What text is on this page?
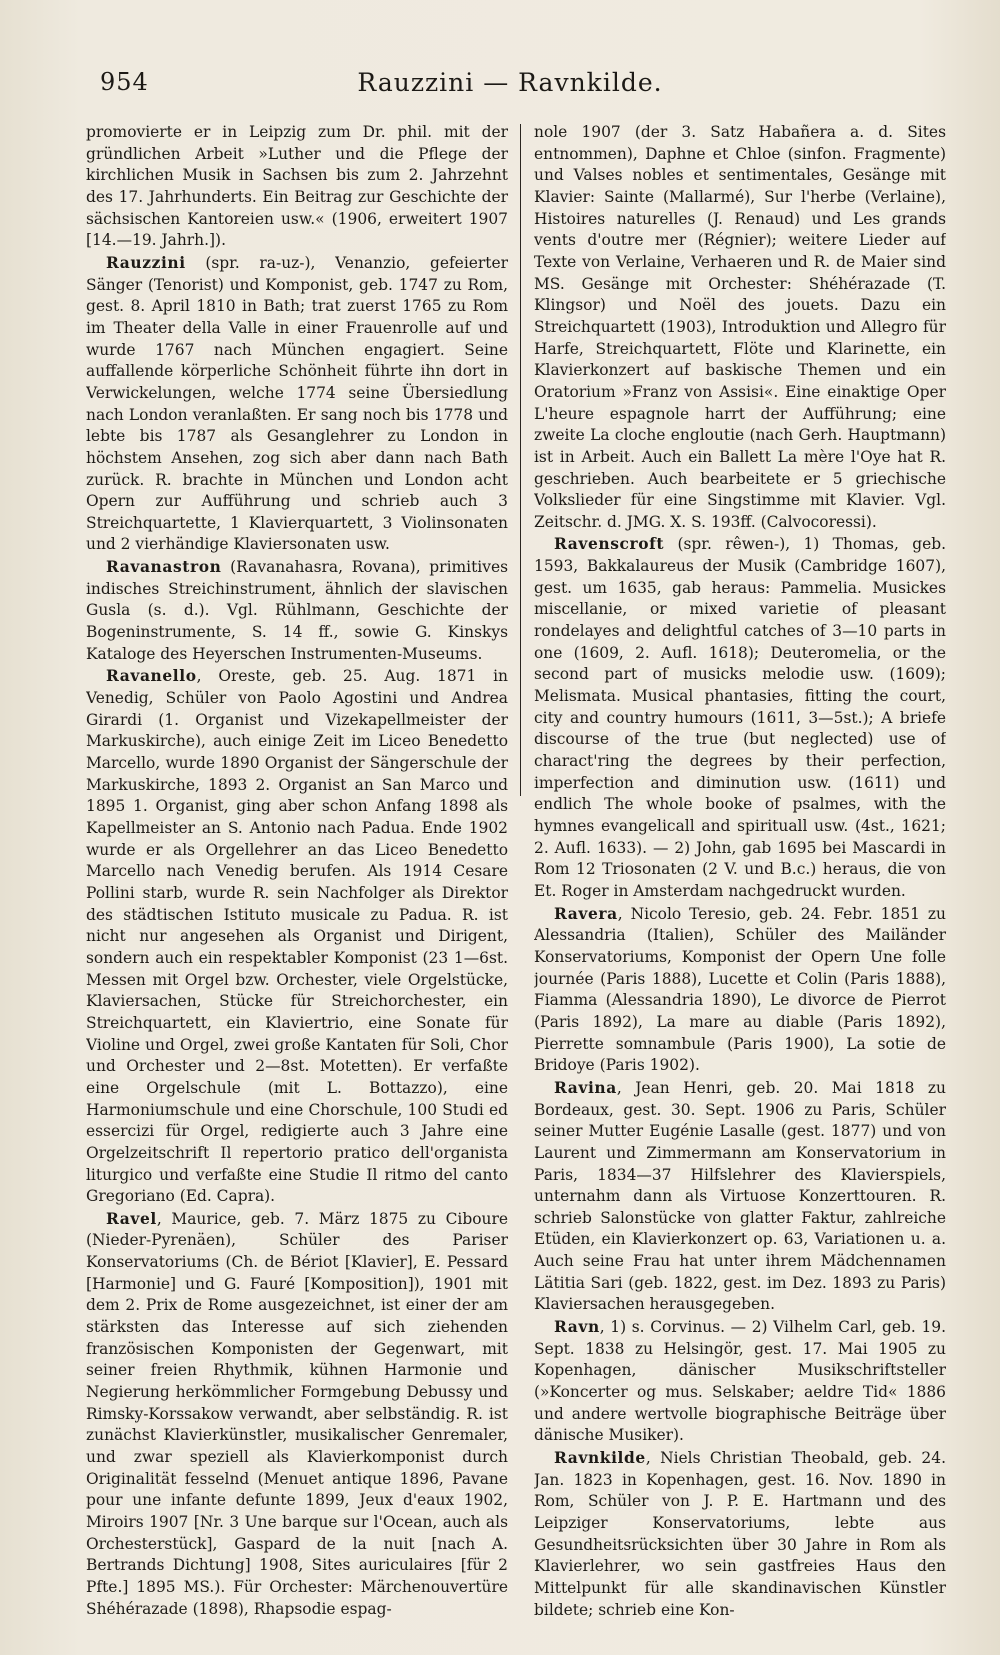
954	Rauzzini — Ravnkilde.

promovierte er in Leipzig zum Dr. phil. mit der gründlichen Arbeit »Luther und die Pflege der kirchlichen Musik in Sachsen bis zum 2. Jahrzehnt des 17. Jahrhunderts. Ein Beitrag zur Geschichte der sächsischen Kantoreien usw.« (1906, erweitert 1907 [14.—19. Jahrh.]).

Rauzzini (spr. ra-uz-), Venanzio, gefeierter Sänger (Tenorist) und Komponist, geb. 1747 zu Rom, gest. 8. April 1810 in Bath; trat zuerst 1765 zu Rom im Theater della Valle in einer Frauenrolle auf und wurde 1767 nach München engagiert. Seine auffallende körperliche Schönheit führte ihn dort in Verwickelungen, welche 1774 seine Übersiedlung nach London veranlaßten. Er sang noch bis 1778 und lebte bis 1787 als Gesanglehrer zu London in höchstem Ansehen, zog sich aber dann nach Bath zurück. R. brachte in München und London acht Opern zur Aufführung und schrieb auch 3 Streichquartette, 1 Klavierquartett, 3 Violinsonaten und 2 vierhändige Klaviersonaten usw.

Ravanastron (Ravanahasra, Rovana), primitives indisches Streichinstrument, ähnlich der slavischen Gusla (s. d.). Vgl. Rühlmann, Geschichte der Bogeninstrumente, S. 14 ff., sowie G. Kinskys Kataloge des Heyerschen Instrumenten-Museums.

Ravanello, Oreste, geb. 25. Aug. 1871 in Venedig, Schüler von Paolo Agostini und Andrea Girardi (1. Organist und Vizekapellmeister der Markuskirche), auch einige Zeit im Liceo Benedetto Marcello, wurde 1890 Organist der Sängerschule der Markuskirche, 1893 2. Organist an San Marco und 1895 1. Organist, ging aber schon Anfang 1898 als Kapellmeister an S. Antonio nach Padua. Ende 1902 wurde er als Orgellehrer an das Liceo Benedetto Marcello nach Venedig berufen. Als 1914 Cesare Pollini starb, wurde R. sein Nachfolger als Direktor des städtischen Istituto musicale zu Padua. R. ist nicht nur angesehen als Organist und Dirigent, sondern auch ein respektabler Komponist (23 1—6st. Messen mit Orgel bzw. Orchester, viele Orgelstücke, Klaviersachen, Stücke für Streichorchester, ein Streichquartett, ein Klaviertrio, eine Sonate für Violine und Orgel, zwei große Kantaten für Soli, Chor und Orchester und 2—8st. Motetten). Er verfaßte eine Orgelschule (mit L. Bottazzo), eine Harmoniumschule und eine Chorschule, 100 Studi ed essercizi für Orgel, redigierte auch 3 Jahre eine Orgelzeitschrift Il repertorio pratico dell'organista liturgico und verfaßte eine Studie Il ritmo del canto Gregoriano (Ed. Capra).

Ravel, Maurice, geb. 7. März 1875 zu Ciboure (Nieder-Pyrenäen), Schüler des Pariser Konservatoriums (Ch. de Bériot [Klavier], E. Pessard [Harmonie] und G. Fauré [Komposition]), 1901 mit dem 2. Prix de Rome ausgezeichnet, ist einer der am stärksten das Interesse auf sich ziehenden französischen Komponisten der Gegenwart, mit seiner freien Rhythmik, kühnen Harmonie und Negierung herkömmlicher Formgebung Debussy und Rimsky-Korssakow verwandt, aber selbständig. R. ist zunächst Klavierkünstler, musikalischer Genremaler, und zwar speziell als Klavierkomponist durch Originalität fesselnd (Menuet antique 1896, Pavane pour une infante defunte 1899, Jeux d'eaux 1902, Miroirs 1907 [Nr. 3 Une barque sur l'Ocean, auch als Orchesterstück], Gaspard de la nuit [nach A. Bertrands Dichtung] 1908, Sites auriculaires [für 2 Pfte.] 1895 MS.). Für Orchester: Märchenouvertüre Shéhérazade (1898), Rhapsodie espag-

nole 1907 (der 3. Satz Habañera a. d. Sites entnommen), Daphne et Chloe (sinfon. Fragmente) und Valses nobles et sentimentales, Gesänge mit Klavier: Sainte (Mallarmé), Sur l'herbe (Verlaine), Histoires naturelles (J. Renaud) und Les grands vents d'outre mer (Régnier); weitere Lieder auf Texte von Verlaine, Verhaeren und R. de Maier sind MS. Gesänge mit Orchester: Shéhérazade (T. Klingsor) und Noël des jouets. Dazu ein Streichquartett (1903), Introduktion und Allegro für Harfe, Streichquartett, Flöte und Klarinette, ein Klavierkonzert auf baskische Themen und ein Oratorium »Franz von Assisi«. Eine einaktige Oper L'heure espagnole harrt der Aufführung; eine zweite La cloche engloutie (nach Gerh. Hauptmann) ist in Arbeit. Auch ein Ballett La mère l'Oye hat R. geschrieben. Auch bearbeitete er 5 griechische Volkslieder für eine Singstimme mit Klavier. Vgl. Zeitschr. d. JMG. X. S. 193ff. (Calvocoressi).

Ravenscroft (spr. rêwen-), 1) Thomas, geb. 1593, Bakkalaureus der Musik (Cambridge 1607), gest. um 1635, gab heraus: Pammelia. Musickes miscellanie, or mixed varietie of pleasant rondelayes and delightful catches of 3—10 parts in one (1609, 2. Aufl. 1618); Deuteromelia, or the second part of musicks melodie usw. (1609); Melismata. Musical phantasies, fitting the court, city and country humours (1611, 3—5st.); A briefe discourse of the true (but neglected) use of charact'ring the degrees by their perfection, imperfection and diminution usw. (1611) und endlich The whole booke of psalmes, with the hymnes evangelicall and spirituall usw. (4st., 1621; 2. Aufl. 1633). — 2) John, gab 1695 bei Mascardi in Rom 12 Triosonaten (2 V. und B.c.) heraus, die von Et. Roger in Amsterdam nachgedruckt wurden.

Ravera, Nicolo Teresio, geb. 24. Febr. 1851 zu Alessandria (Italien), Schüler des Mailänder Konservatoriums, Komponist der Opern Une folle journée (Paris 1888), Lucette et Colin (Paris 1888), Fiamma (Alessandria 1890), Le divorce de Pierrot (Paris 1892), La mare au diable (Paris 1892), Pierrette somnambule (Paris 1900), La sotie de Bridoye (Paris 1902).

Ravina, Jean Henri, geb. 20. Mai 1818 zu Bordeaux, gest. 30. Sept. 1906 zu Paris, Schüler seiner Mutter Eugénie Lasalle (gest. 1877) und von Laurent und Zimmermann am Konservatorium in Paris, 1834—37 Hilfslehrer des Klavierspiels, unternahm dann als Virtuose Konzerttouren. R. schrieb Salonstücke von glatter Faktur, zahlreiche Etüden, ein Klavierkonzert op. 63, Variationen u. a. Auch seine Frau hat unter ihrem Mädchennamen Lätitia Sari (geb. 1822, gest. im Dez. 1893 zu Paris) Klaviersachen herausgegeben.

Ravn, 1) s. Corvinus. — 2) Vilhelm Carl, geb. 19. Sept. 1838 zu Helsingör, gest. 17. Mai 1905 zu Kopenhagen, dänischer Musikschriftsteller (»Koncerter og mus. Selskaber; aeldre Tid« 1886 und andere wertvolle biographische Beiträge über dänische Musiker).

Ravnkilde, Niels Christian Theobald, geb. 24. Jan. 1823 in Kopenhagen, gest. 16. Nov. 1890 in Rom, Schüler von J. P. E. Hartmann und des Leipziger Konservatoriums, lebte aus Gesundheitsrücksichten über 30 Jahre in Rom als Klavierlehrer, wo sein gastfreies Haus den Mittelpunkt für alle skandinavischen Künstler bildete; schrieb eine Kon-
